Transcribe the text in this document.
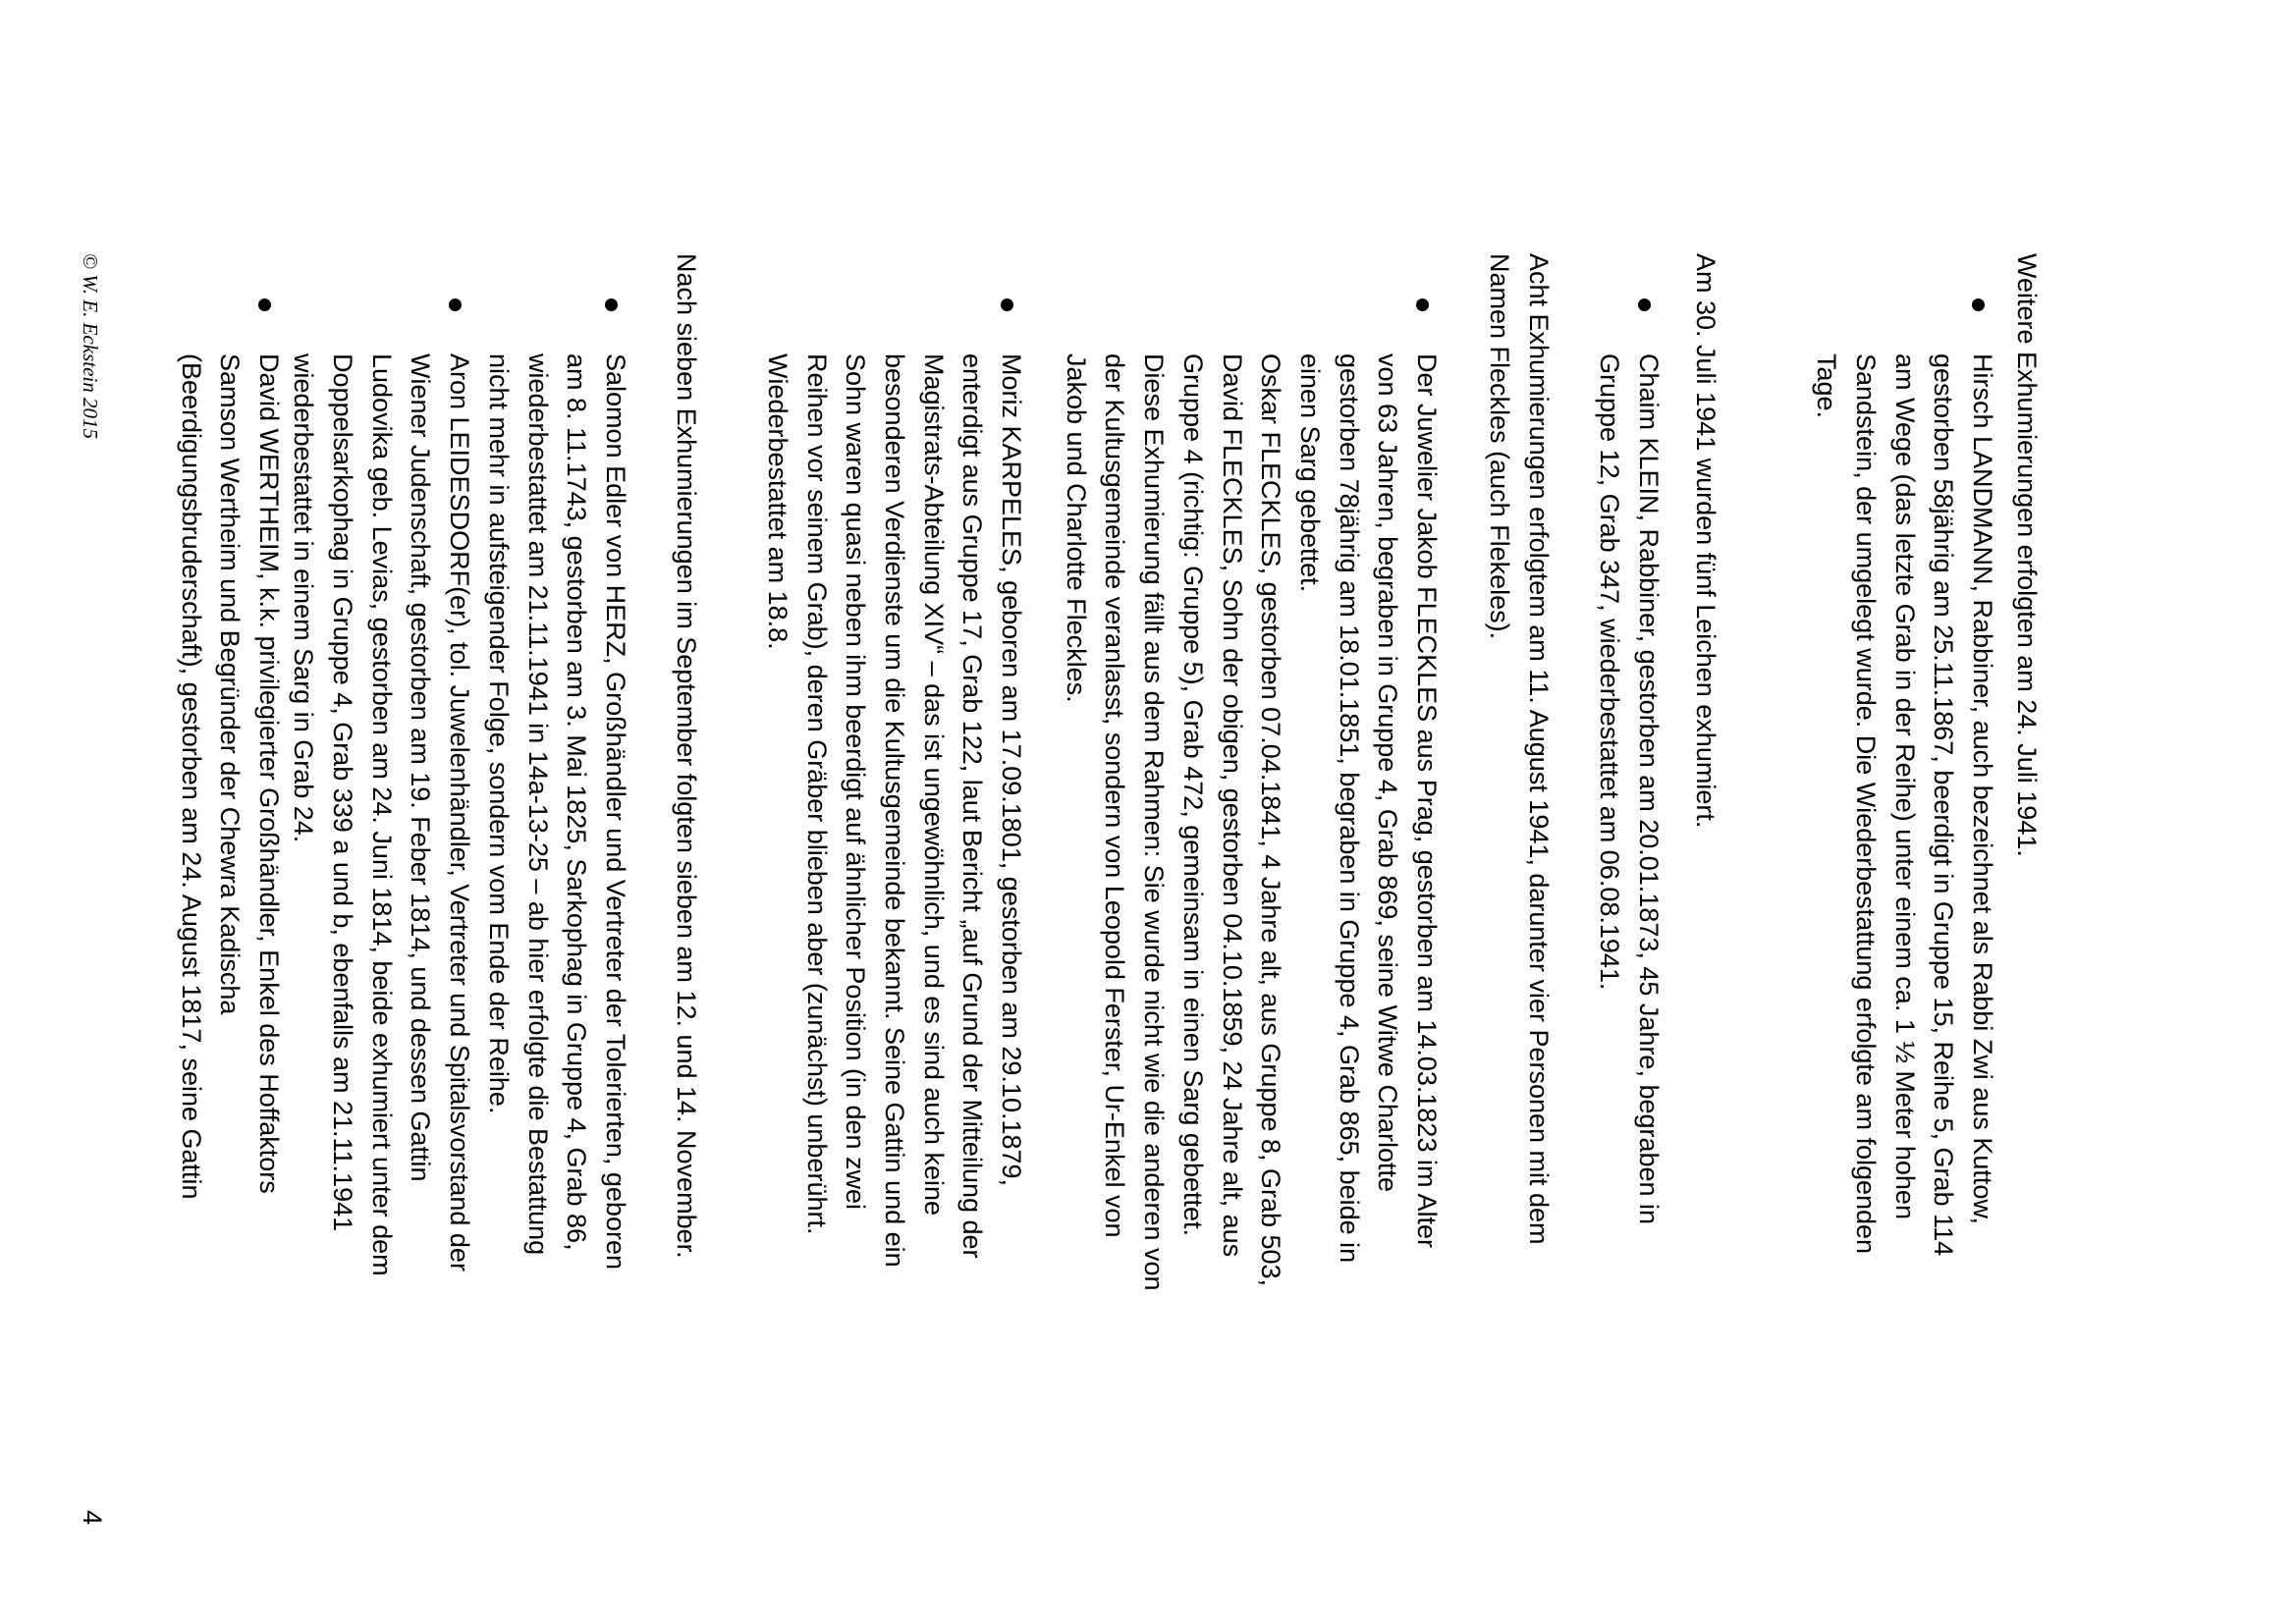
Weitere Exhumierungen erfolgten am 24. Juli 1941.

Hirsch LANDMANN, Rabbiner, auch bezeichnet als Rabbi Zwi aus Kuttow,
gestorben 58jährig am 25.11.1867, beerdigt in Gruppe 15, Reihe 5, Grab 114
am Wege (das letzte Grab in der Reihe) unter einem ca. 1 ½ Meter hohen
Sandstein, der umgelegt wurde. Die Wiederbestattung erfolgte am folgenden
Tage.

Am 30. Juli 1941 wurden fünf Leichen exhumiert.

Chaim KLEIN, Rabbiner, gestorben am 20.01.1873, 45 Jahre, begraben in
Gruppe 12, Grab 347, wiederbestattet am 06.08.1941.

Acht Exhumierungen erfolgtem am 11. August 1941, darunter vier Personen mit dem
Namen Fleckles (auch Flekeles).

Der Juwelier Jakob FLECKLES aus Prag, gestorben am 14.03.1823 im Alter
von 63 Jahren, begraben in Gruppe 4, Grab 869, seine Witwe Charlotte
gestorben 78jährig am 18.01.1851, begraben in Gruppe 4, Grab 865, beide in
einen Sarg gebettet.
Oskar FLECKLES, gestorben 07.04.1841, 4 Jahre alt, aus Gruppe 8, Grab 503,
David FLECKLES, Sohn der obigen, gestorben 04.10.1859, 24 Jahre alt, aus
Gruppe 4 (richtig: Gruppe 5), Grab 472, gemeinsam in einen Sarg gebettet.
Diese Exhumierung fällt aus dem Rahmen: Sie wurde nicht wie die anderen von
der Kultusgemeinde veranlasst, sondern von Leopold Ferster, Ur-Enkel von
Jakob und Charlotte Fleckles.

Moriz KARPELES, geboren am 17.09.1801, gestorben am 29.10.1879,
enterdigt aus Gruppe 17, Grab 122, laut Bericht „auf Grund der Mitteilung der
Magistrats-Abteilung XIV“ – das ist ungewöhnlich, und es sind auch keine
besonderen Verdienste um die Kultusgemeinde bekannt. Seine Gattin und ein
Sohn waren quasi neben ihm beerdigt auf ähnlicher Position (in den zwei
Reihen vor seinem Grab), deren Gräber blieben aber (zunächst) unberührt.
Wiederbestattet am 18.8.

Nach sieben Exhumierungen im September folgten sieben am 12. und 14. November.

Salomon Edler von HERZ, Großhändler und Vertreter der Tolerierten, geboren
am 8. 11.1743, gestorben am 3. Mai 1825, Sarkophag in Gruppe 4, Grab 86,
wiederbestattet am 21.11.1941 in 14a-13-25 – ab hier erfolgte die Bestattung
nicht mehr in aufsteigender Folge, sondern vom Ende der Reihe.

Aron LEIDESDORF(er), tol. Juwelenhändler, Vertreter und Spitalsvorstand der
Wiener Judenschaft, gestorben am 19. Feber 1814, und dessen Gattin
Ludovika geb. Levias, gestorben am 24. Juni 1814, beide exhumiert unter dem
Doppelsarkophag in Gruppe 4, Grab 339 a und b, ebenfalls am 21.11.1941
wiederbestattet in einem Sarg in Grab 24.

David WERTHEIM, k.k. privilegierter Großhändler, Enkel des Hoffaktors
Samson Wertheim und Begründer der Chewra Kadischa
(Beerdigungsbruderschaft), gestorben am 24. August 1817, seine Gattin

© W. E. Eckstein 2015
4
